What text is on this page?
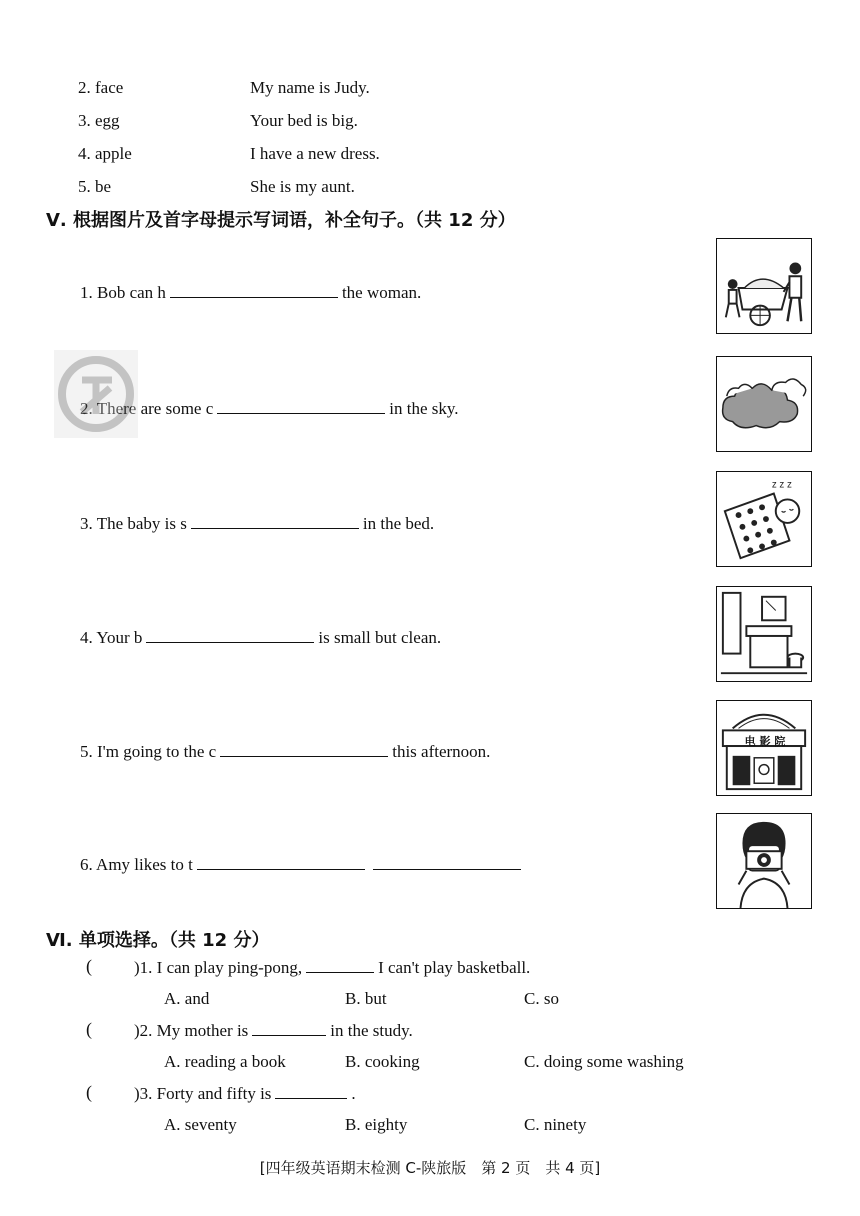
2. face	My name is Judy.
3. egg	Your bed is big.
4. apple	I have a new dress.
5. be	She is my aunt.
Ⅴ. 根据图片及首字母提示写词语，补全句子。（共 12 分）
1. Bob can h	the woman.
2. There are some c	in the sky.
3. The baby is s	in the bed.
4. Your b	is small but clean.
5. I'm going to the c	this afternoon.
6. Amy likes to t
z z z
电 影 院
Ⅵ. 单项选择。（共 12 分）
( )1. I can play ping-pong,	I can't play basketball.
A. and	B. but	C. so
( )2. My mother is	in the study.
A. reading a book	B. cooking	C. doing some washing
( )3. Forty and fifty is	.
A. seventy	B. eighty	C. ninety
[四年级英语期末检测 C-陕旅版　第 2 页　共 4 页]
